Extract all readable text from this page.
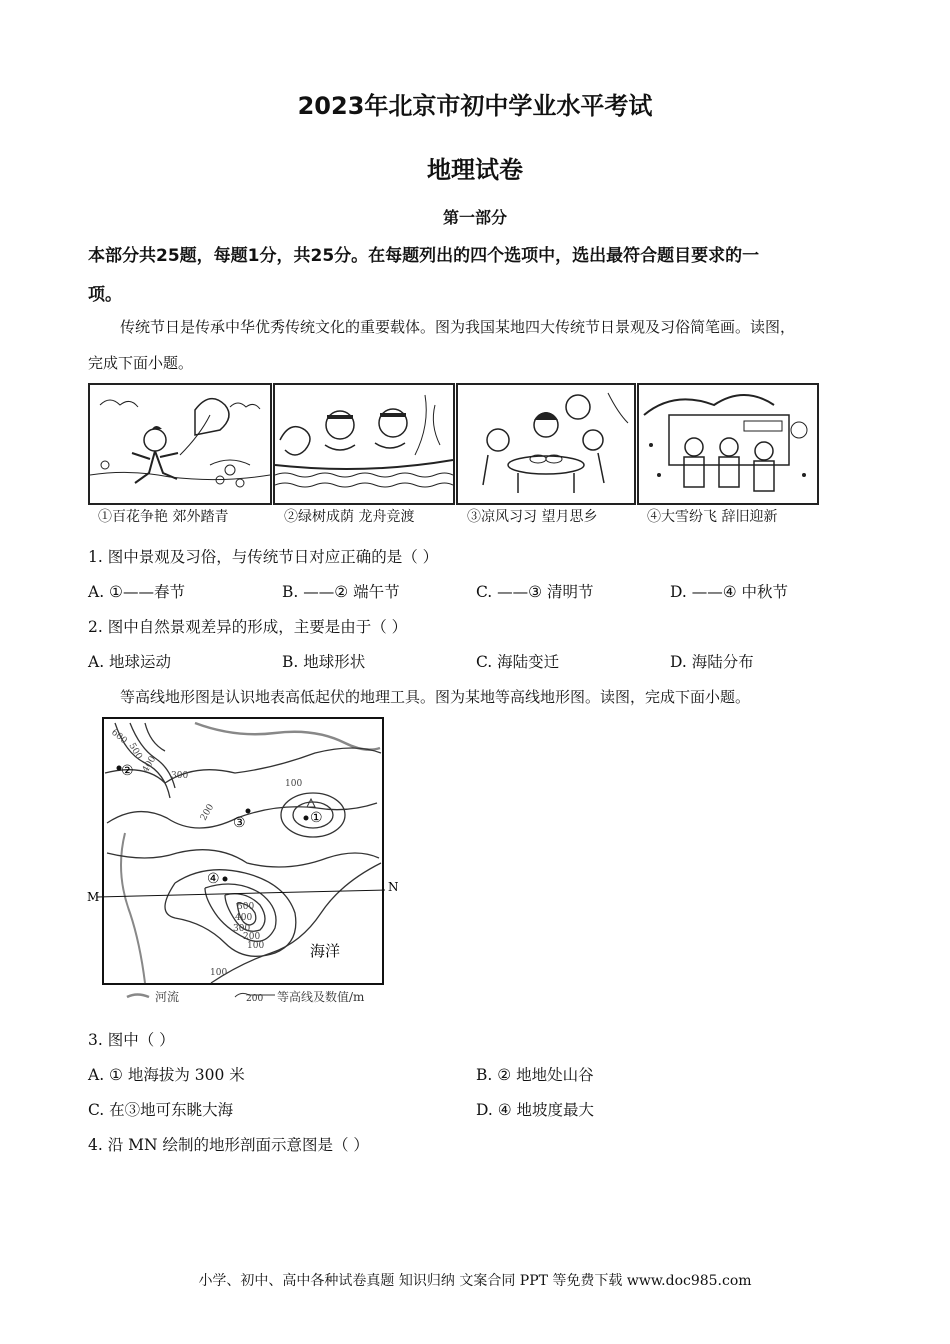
2023年北京市初中学业水平考试
地理试卷
第一部分
本部分共25题，每题1分，共25分。在每题列出的四个选项中，选出最符合题目要求的一
项。
传统节日是传承中华优秀传统文化的重要载体。图为我国某地四大传统节日景观及习俗简笔画。读图，
完成下面小题。
①百花争艳 郊外踏青	②绿树成荫 龙舟竞渡	③凉风习习 望月思乡	④大雪纷飞 辞旧迎新
1. 图中景观及习俗，与传统节日对应正确的是（ ）
A. ①——春节	B. ——② 端午节	C. ——③ 清明节	D. ——④ 中秋节
2. 图中自然景观差异的形成，主要是由于（ ）
A. 地球运动	B. 地球形状	C. 海陆变迁	D. 海陆分布
等高线地形图是认识地表高低起伏的地理工具。图为某地等高线地形图。读图，完成下面小题。
M
N
海洋
①
②
③
④
600
500
400
300
200
100
500
400
300
200
100
100
河流	200 等高线及数值/m
3. 图中（ ）
A. ① 地海拔为 300 米	B. ② 地地处山谷
C. 在③地可东眺大海	D. ④ 地坡度最大
4. 沿 MN 绘制的地形剖面示意图是（ ）
小学、初中、高中各种试卷真题 知识归纳 文案合同 PPT 等免费下载 www.doc985.com
